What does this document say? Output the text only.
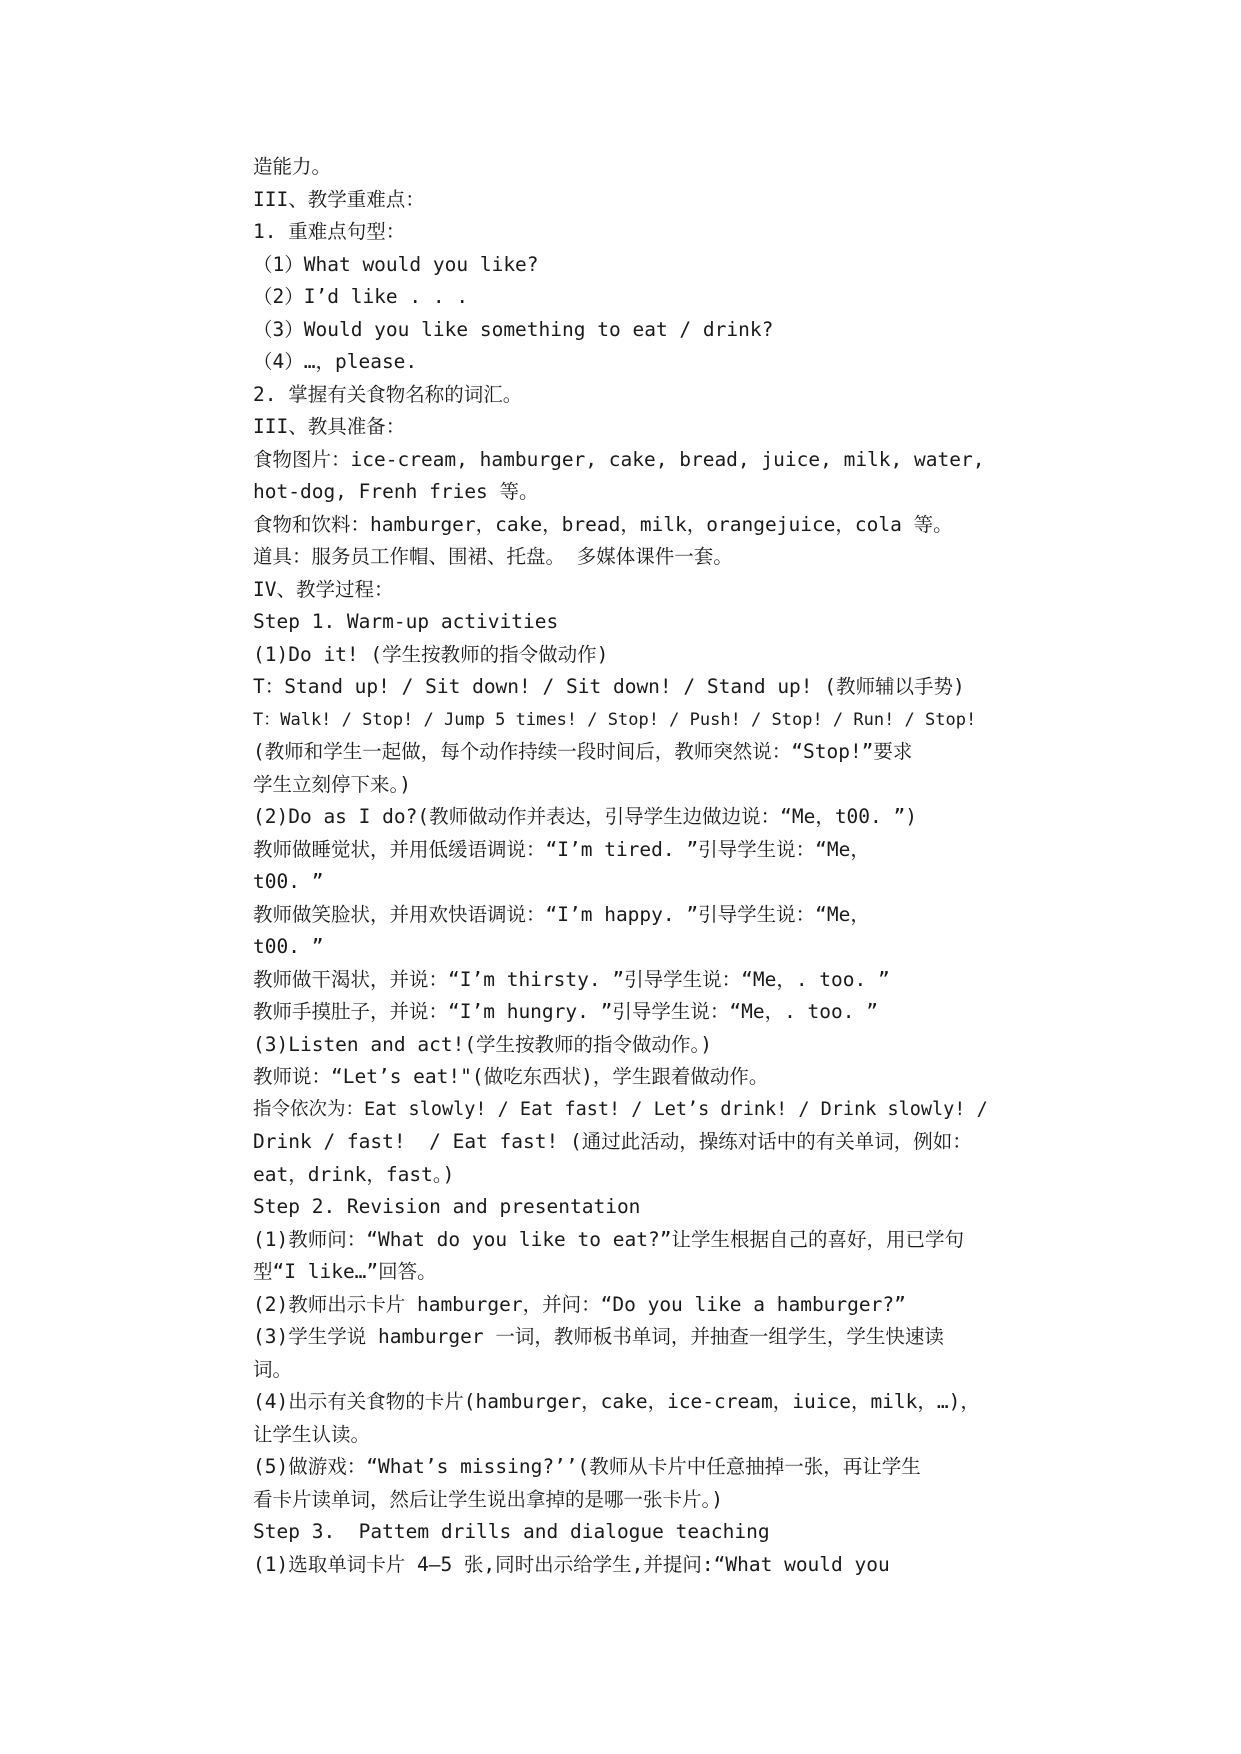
造能力。
III、教学重难点：
1. 重难点句型：
（1）What would you like?
（2）I’d like . . .
（3）Would you like something to eat / drink?
（4）…，please.
2. 掌握有关食物名称的词汇。
III、教具准备：
食物图片：ice-cream, hamburger, cake, bread, juice, milk, water,
hot-dog, Frenh fries 等。
食物和饮料：hamburger，cake，bread，milk，orangejuice，cola 等。
道具：服务员工作帽、围裙、托盘。 多媒体课件一套。
IV、教学过程：
Step 1. Warm-up activities
(1)Do it! (学生按教师的指令做动作)
T：Stand up! / Sit down! / Sit down! / Stand up! (教师辅以手势)
T：Walk! / Stop! / Jump 5 times! / Stop! / Push! / Stop! / Run! / Stop!
(教师和学生一起做，每个动作持续一段时间后，教师突然说：“Stop!”要求
学生立刻停下来。)
(2)Do as I do?(教师做动作并表达，引导学生边做边说：“Me，t00. ”)
教师做睡觉状，并用低缓语调说：“I’m tired. ”引导学生说：“Me，
t00. ”
教师做笑脸状，并用欢快语调说：“I’m happy. ”引导学生说：“Me，
t00. ”
教师做干渴状，并说：“I’m thirsty. ”引导学生说：“Me，. too. ”
教师手摸肚子，并说：“I’m hungry. ”引导学生说：“Me，. too. ”
(3)Listen and act!(学生按教师的指令做动作。)
教师说：“Let’s eat!"(做吃东西状)，学生跟着做动作。
指令依次为：Eat slowly! / Eat fast! / Let’s drink! / Drink slowly! /
Drink / fast!  / Eat fast! (通过此活动，操练对话中的有关单词，例如：
eat，drink，fast。)
Step 2. Revision and presentation
(1)教师问：“What do you like to eat?”让学生根据自己的喜好，用已学句
型“I like…”回答。
(2)教师出示卡片 hamburger，并问：“Do you like a hamburger?”
(3)学生学说 hamburger 一词，教师板书单词，并抽查一组学生，学生快速读
词。
(4)出示有关食物的卡片(hamburger，cake，ice-cream，iuice，milk，…)，
让学生认读。
(5)做游戏：“What’s missing?’’(教师从卡片中任意抽掉一张，再让学生
看卡片读单词，然后让学生说出拿掉的是哪一张卡片。)
Step 3.  Pattem drills and dialogue teaching
(1)选取单词卡片 4—5 张,同时出示给学生,并提问:“What would you
